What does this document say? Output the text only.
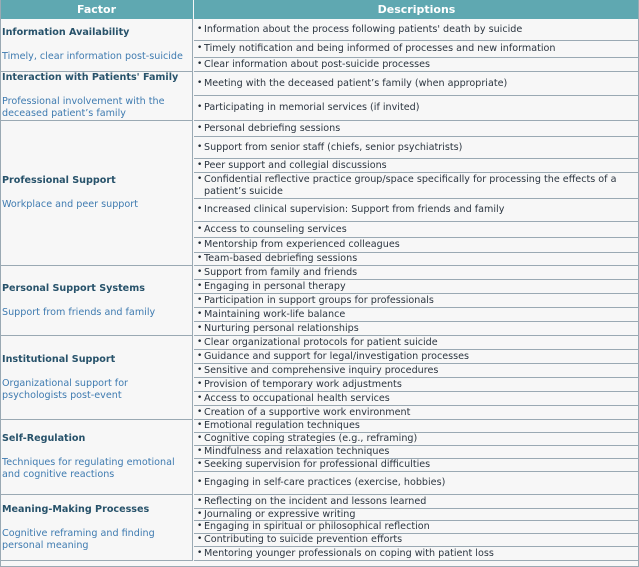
Factor	Descriptions
Information Availability
Timely, clear information post-suicide
• Information about the process following patients' death by suicide
• Timely notification and being informed of processes and new information
• Clear information about post-suicide processes
Interaction with Patients' Family
Professional involvement with the deceased patient’s family
• Meeting with the deceased patient’s family (when appropriate)
• Participating in memorial services (if invited)
Professional Support
Workplace and peer support
• Personal debriefing sessions
• Support from senior staff (chiefs, senior psychiatrists)
• Peer support and collegial discussions
• Confidential reflective practice group/space specifically for processing the effects of a patient’s suicide
• Increased clinical supervision: Support from friends and family
• Access to counseling services
• Mentorship from experienced colleagues
• Team-based debriefing sessions
Personal Support Systems
Support from friends and family
• Support from family and friends
• Engaging in personal therapy
• Participation in support groups for professionals
• Maintaining work-life balance
• Nurturing personal relationships
Institutional Support
Organizational support for psychologists post-event
• Clear organizational protocols for patient suicide
• Guidance and support for legal/investigation processes
• Sensitive and comprehensive inquiry procedures
• Provision of temporary work adjustments
• Access to occupational health services
• Creation of a supportive work environment
Self-Regulation
Techniques for regulating emotional and cognitive reactions
• Emotional regulation techniques
• Cognitive coping strategies (e.g., reframing)
• Mindfulness and relaxation techniques
• Seeking supervision for professional difficulties
• Engaging in self-care practices (exercise, hobbies)
Meaning-Making Processes
Cognitive reframing and finding personal meaning
• Reflecting on the incident and lessons learned
• Journaling or expressive writing
• Engaging in spiritual or philosophical reflection
• Contributing to suicide prevention efforts
• Mentoring younger professionals on coping with patient loss
